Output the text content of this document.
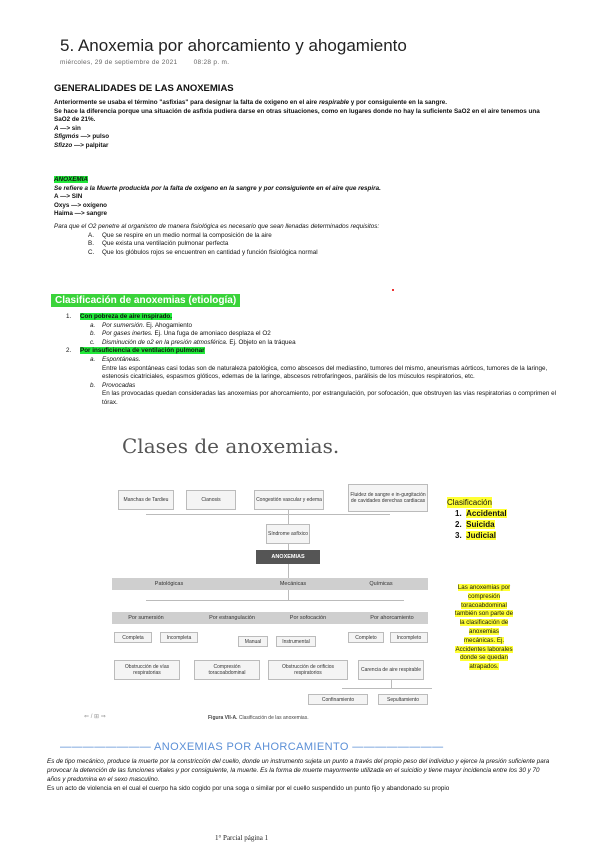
5. Anoxemia por ahorcamiento y ahogamiento
miércoles, 29 de septiembre de 2021 08:28 p. m.
GENERALIDADES DE LAS ANOXEMIAS
Anteriormente se usaba el término "asfixias" para designar la falta de oxigeno en el aire respirable y por consiguiente en la sangre.
Se hace la diferencia porque una situación de asfixia pudiera darse en otras situaciones, como en lugares donde no hay la suficiente SaO2 en el aire tenemos una SaO2 de 21%.
A —> sin
Sfigmós —> pulso
Sfizzo —> palpitar
ANOXEMIA
Se refiere a la Muerte producida por la falta de oxígeno en la sangre y por consiguiente en el aire que respira.
A —> SIN
Oxys —> oxígeno
Haima —> sangre
Para que el O2 penetre al organismo de manera fisiológica es necesario que sean llenadas determinados requisitos:
A. Que se respire en un medio normal la composición de la aire
B. Que exista una ventilación pulmonar perfecta
C. Que los glóbulos rojos se encuentren en cantidad y función fisiológica normal
Clasificación de anoxemias (etiología)
1. Con pobreza de aire inspirado.
a. Por sumersión. Ej. Ahogamiento
b. Por gases inertes. Ej. Una fuga de amoniaco desplaza el O2
c. Disminución de o2 en la presión atmosférica. Ej. Objeto en la tráquea
2. Por insuficiencia de ventilación pulmonar
a. Espontáneas.
Entre las espontáneas casi todas son de naturaleza patológica, como abscesos del mediastino, tumores del mismo, aneurismas aórticos, tumores de la laringe, estenosis cicatriciales, espasmos glóticos, edemas de la laringe, abscesos retrofaríngeos, parálisis de los músculos respiratorios, etc.
b. Provocadas
En las provocadas quedan consideradas las anoxemias por ahorcamiento, por estrangulación, por sofocación, que obstruyen las vías respiratorias o comprimen el tórax.
Clases de anoxemias.
Manchas de Tardieu	Cianosis	Congestión vascular y edema
Fluidez de sangre e in-gurgitación de cavidades derechas cardiacas
Síndrome asfíxico
ANOXEMIAS
Patológicas	Mecánicas	Químicas
Por sumersión	Por estrangulación	Por sofocación	Por ahorcamiento
Completa	Incompleta
Manual	Instrumental
Completo	Incompleto
Obstrucción de vías respiratorias
Compresión toracoabdominal
Obstrucción de orificios respiratorios	Carencia de aire respirable
Confinamiento	Sepultamiento
⇐ / ⊞ ⇒	Figura VII-A. Clasificación de las anoxemias.
Clasificación
1.  Accidental
2.  Suicida
3.  Judicial
Las anoxemias por compresión toracoabdominal también son parte de la clasificación de anoxemias mecánicas. Ej. Accidentes laborales donde se quedan atrapados.
———————— ANOXEMIAS POR AHORCAMIENTO ————————
Es de tipo mecánico, produce la muerte por la constricción del cuello, donde un instrumento sujeta un punto a través del propio peso del individuo y ejerce la presión suficiente para provocar la detención de las funciones vitales y por consiguiente, la muerte. Es la forma de muerte mayormente utilizada en el suicidio y tiene mayor incidencia entre los 30 y 70 años y predomina en el sexo masculino.
Es un acto de violencia en el cual el cuerpo ha sido cogido por una soga o similar por el cuello suspendido un punto fijo y abandonado su propio
1° Parcial página 1
